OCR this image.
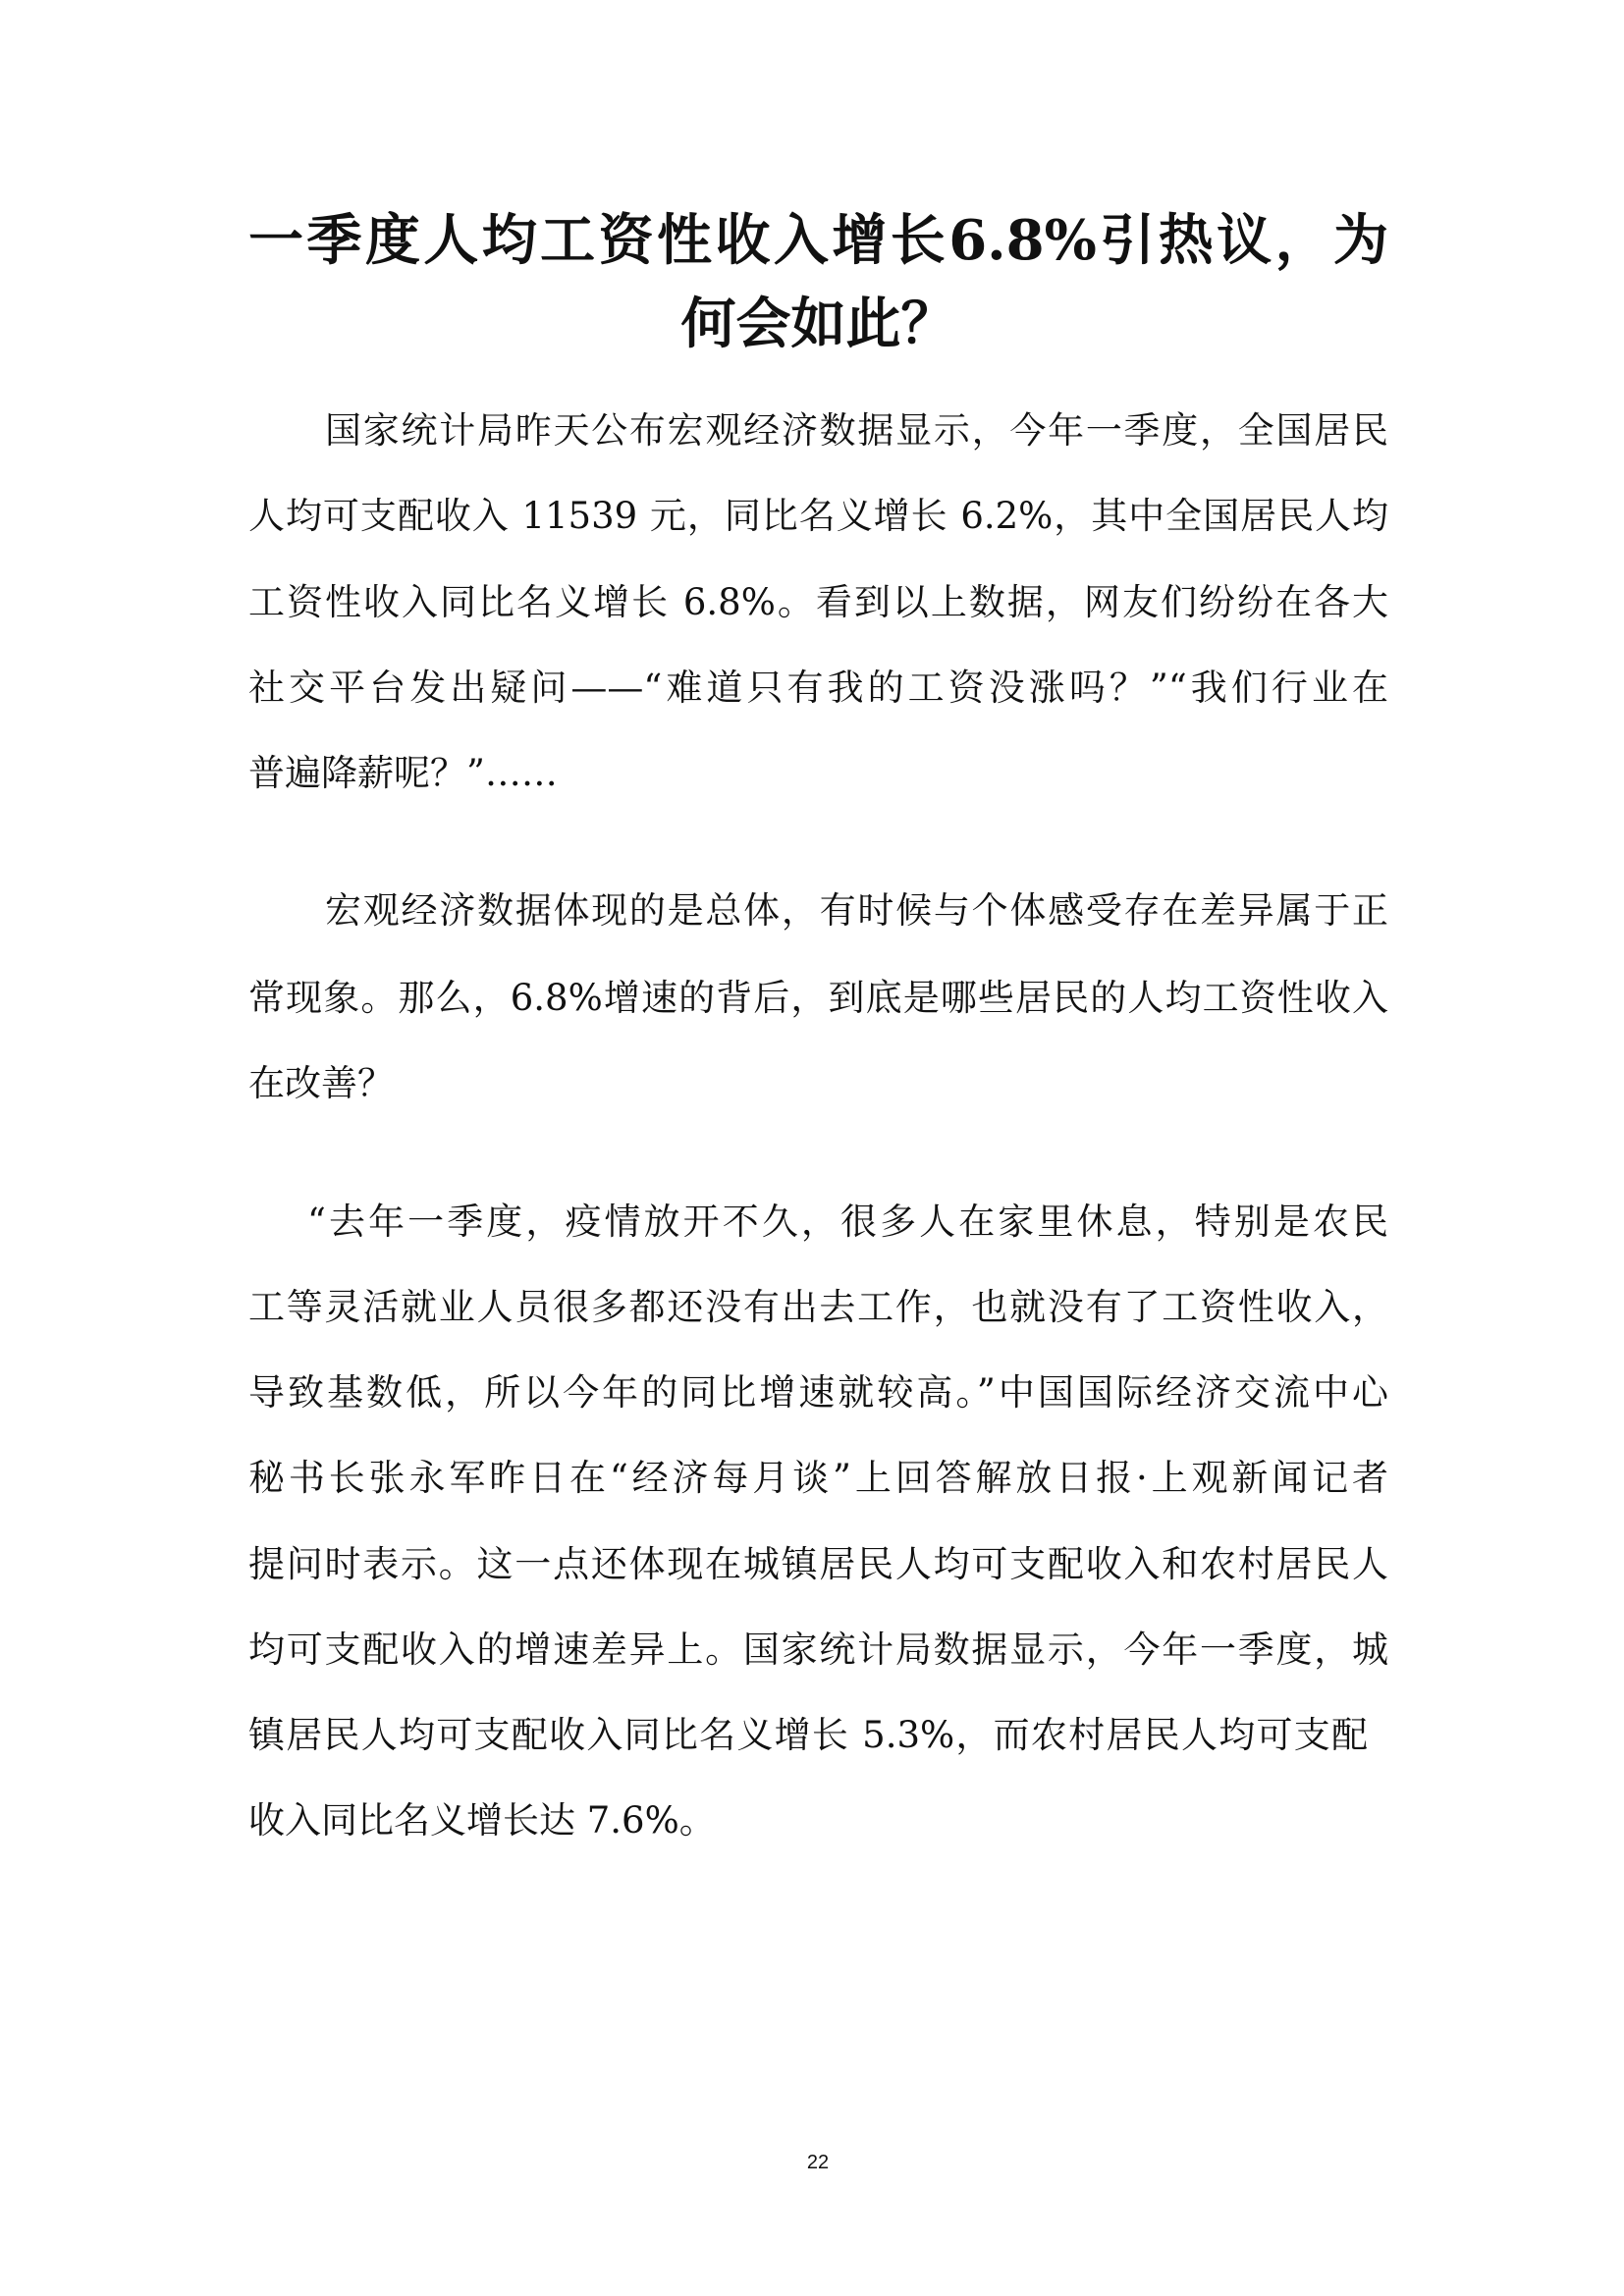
一季度人均工资性收入增长6.8%引热议，为
何会如此？
国家统计局昨天公布宏观经济数据显示，今年一季度，全国居民
人均可支配收入 11539 元，同比名义增长 6.2%，其中全国居民人均
工资性收入同比名义增长 6.8%。看到以上数据，网友们纷纷在各大
社交平台发出疑问——“难道只有我的工资没涨吗？”“我们行业在
普遍降薪呢？”……
宏观经济数据体现的是总体，有时候与个体感受存在差异属于正
常现象。那么，6.8%增速的背后，到底是哪些居民的人均工资性收入
在改善？
“去年一季度，疫情放开不久，很多人在家里休息，特别是农民
工等灵活就业人员很多都还没有出去工作，也就没有了工资性收入，
导致基数低，所以今年的同比增速就较高。”中国国际经济交流中心
秘书长张永军昨日在“经济每月谈”上回答解放日报·上观新闻记者
提问时表示。这一点还体现在城镇居民人均可支配收入和农村居民人
均可支配收入的增速差异上。国家统计局数据显示，今年一季度，城
镇居民人均可支配收入同比名义增长 5.3%，而农村居民人均可支配
收入同比名义增长达 7.6%。
22
